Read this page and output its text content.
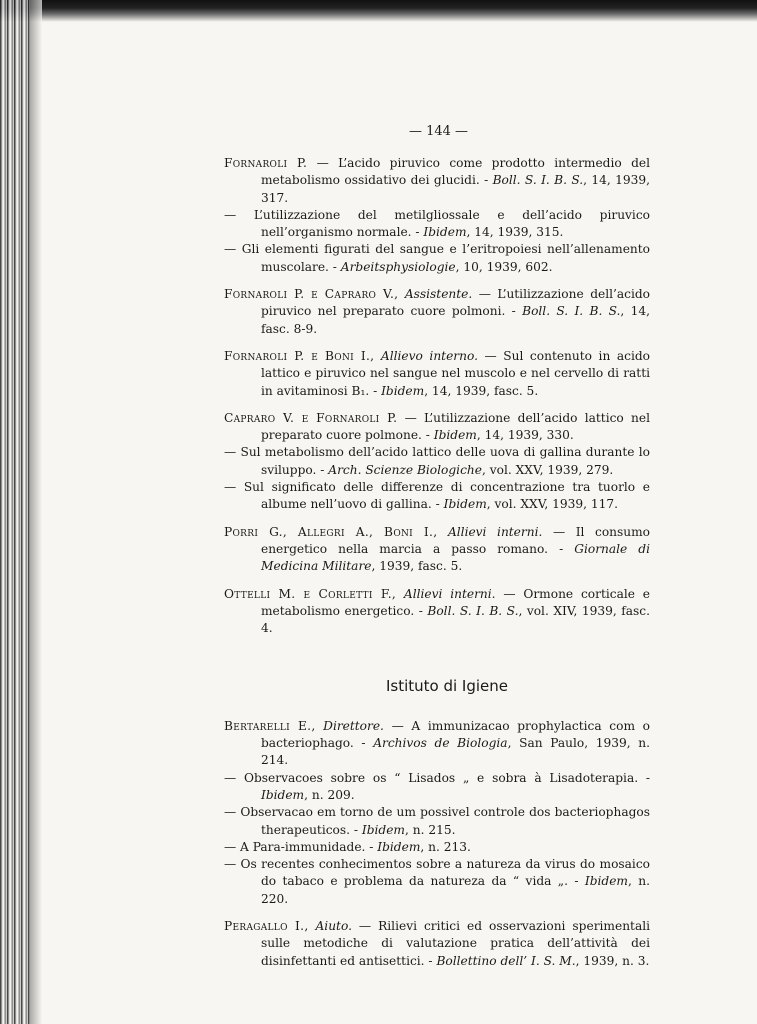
— 144 —

Fornaroli P. — L’acido piruvico come prodotto intermedio del metabolismo ossidativo dei glucidi. - Boll. S. I. B. S., 14, 1939, 317.

— L’utilizzazione del metilgliossale e dell’acido piruvico nell’organismo normale. - Ibidem, 14, 1939, 315.

— Gli elementi figurati del sangue e l’eritropoiesi nell’allenamento muscolare. - Arbeitsphysiologie, 10, 1939, 602.

Fornaroli P. e Capraro V., Assistente. — L’utilizzazione dell’acido piruvico nel preparato cuore polmoni. - Boll. S. I. B. S., 14, fasc. 8-9.

Fornaroli P. e Boni I., Allievo interno. — Sul contenuto in acido lattico e piruvico nel sangue nel muscolo e nel cervello di ratti in avitaminosi B₁. - Ibidem, 14, 1939, fasc. 5.

Capraro V. e Fornaroli P. — L’utilizzazione dell’acido lattico nel preparato cuore polmone. - Ibidem, 14, 1939, 330.

— Sul metabolismo dell’acido lattico delle uova di gallina durante lo sviluppo. - Arch. Scienze Biologiche, vol. XXV, 1939, 279.

— Sul significato delle differenze di concentrazione tra tuorlo e albume nell’uovo di gallina. - Ibidem, vol. XXV, 1939, 117.

Porri G., Allegri A., Boni I., Allievi interni. — Il consumo energetico nella marcia a passo romano. - Giornale di Medicina Militare, 1939, fasc. 5.

Ottelli M. e Corletti F., Allievi interni. — Ormone corticale e metabolismo energetico. - Boll. S. I. B. S., vol. XIV, 1939, fasc. 4.

Istituto di Igiene

Bertarelli E., Direttore. — A immunizacao prophylactica com o bacteriophago. - Archivos de Biologia, San Paulo, 1939, n. 214.

— Observacoes sobre os “ Lisados „ e sobra à Lisadoterapia. - Ibidem, n. 209.

— Observacao em torno de um possivel controle dos bacteriophagos therapeuticos. - Ibidem, n. 215.

— A Para-immunidade. - Ibidem, n. 213.

— Os recentes conhecimentos sobre a natureza da virus do mosaico do tabaco e problema da natureza da “ vida „. - Ibidem, n. 220.

Peragallo I., Aiuto. — Rilievi critici ed osservazioni sperimentali sulle metodiche di valutazione pratica dell’attività dei disinfettanti ed antisettici. - Bollettino dell’ I. S. M., 1939, n. 3.
